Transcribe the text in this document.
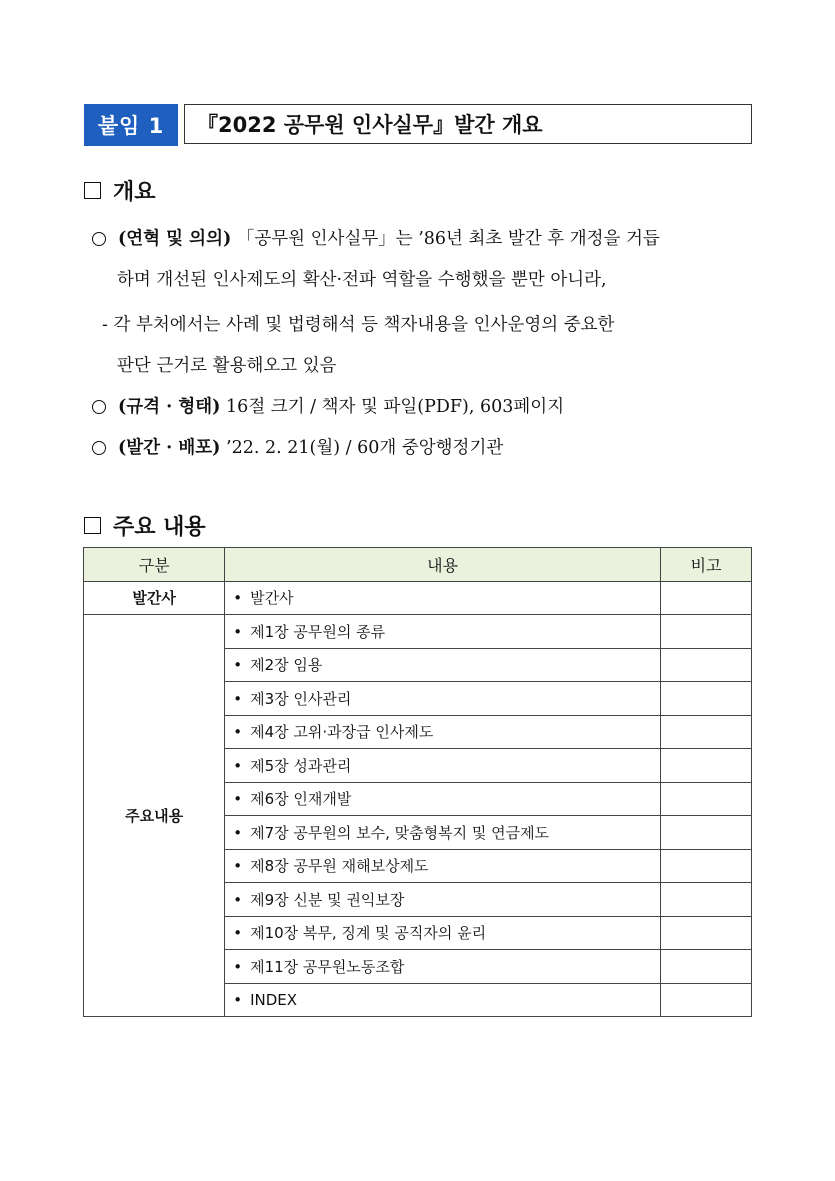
붙임 1	『2022 공무원 인사실무』발간 개요
개요
(연혁 및 의의) 「공무원 인사실무」는 ’86년 최초 발간 후 개정을 거듭
하며 개선된 인사제도의 확산·전파 역할을 수행했을 뿐만 아니라,
- 각 부처에서는 사례 및 법령해석 등 책자내용을 인사운영의 중요한
판단 근거로 활용해오고 있음
(규격 · 형태) 16절 크기 / 책자 및 파일(PDF), 603페이지
(발간 · 배포) ’22. 2. 21(월) / 60개 중앙행정기관
주요 내용
구분	내용	비고
발간사	• 발간사	
주요내용	• 제1장 공무원의 종류	
	• 제2장 임용	
	• 제3장 인사관리	
	• 제4장 고위·과장급 인사제도	
	• 제5장 성과관리	
	• 제6장 인재개발	
	• 제7장 공무원의 보수, 맞춤형복지 및 연금제도	
	• 제8장 공무원 재해보상제도	
	• 제9장 신분 및 권익보장	
	• 제10장 복무, 징계 및 공직자의 윤리	
	• 제11장 공무원노동조합	
	• INDEX	
